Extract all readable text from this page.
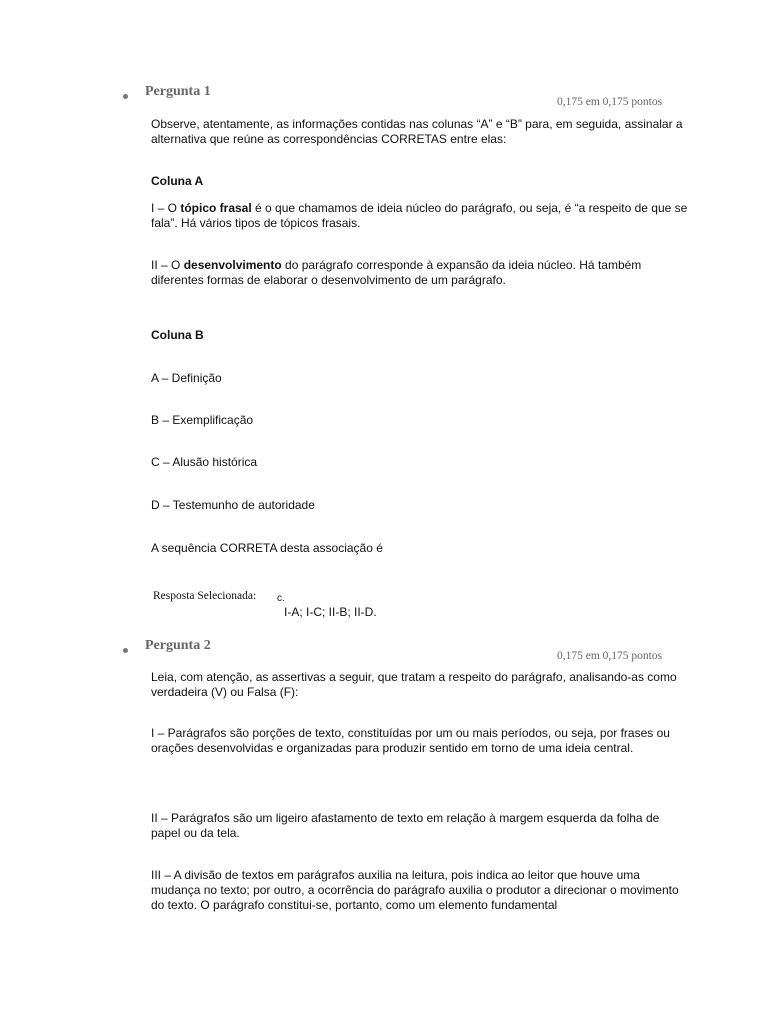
Pergunta 1
0,175 em 0,175 pontos

Observe, atentamente, as informações contidas nas colunas “A” e “B” para, em seguida, assinalar a alternativa que reúne as correspondências CORRETAS entre elas:

Coluna A

I – O tópico frasal é o que chamamos de ideia núcleo do parágrafo, ou seja, é “a respeito de que se fala”. Há vários tipos de tópicos frasais.

II – O desenvolvimento do parágrafo corresponde à expansão da ideia núcleo. Há também diferentes formas de elaborar o desenvolvimento de um parágrafo.

Coluna B

A – Definição

B – Exemplificação

C – Alusão histórica

D – Testemunho de autoridade

A sequência CORRETA desta associação é

Resposta Selecionada: c.
I-A; I-C; II-B; II-D.
Pergunta 2
0,175 em 0,175 pontos

Leia, com atenção, as assertivas a seguir, que tratam a respeito do parágrafo, analisando-as como verdadeira (V) ou Falsa (F):

I – Parágrafos são porções de texto, constituídas por um ou mais períodos, ou seja, por frases ou orações desenvolvidas e organizadas para produzir sentido em torno de uma ideia central.

II – Parágrafos são um ligeiro afastamento de texto em relação à margem esquerda da folha de papel ou da tela.

III – A divisão de textos em parágrafos auxilia na leitura, pois indica ao leitor que houve uma mudança no texto; por outro, a ocorrência do parágrafo auxilia o produtor a direcionar o movimento do texto. O parágrafo constitui-se, portanto, como um elemento fundamental
